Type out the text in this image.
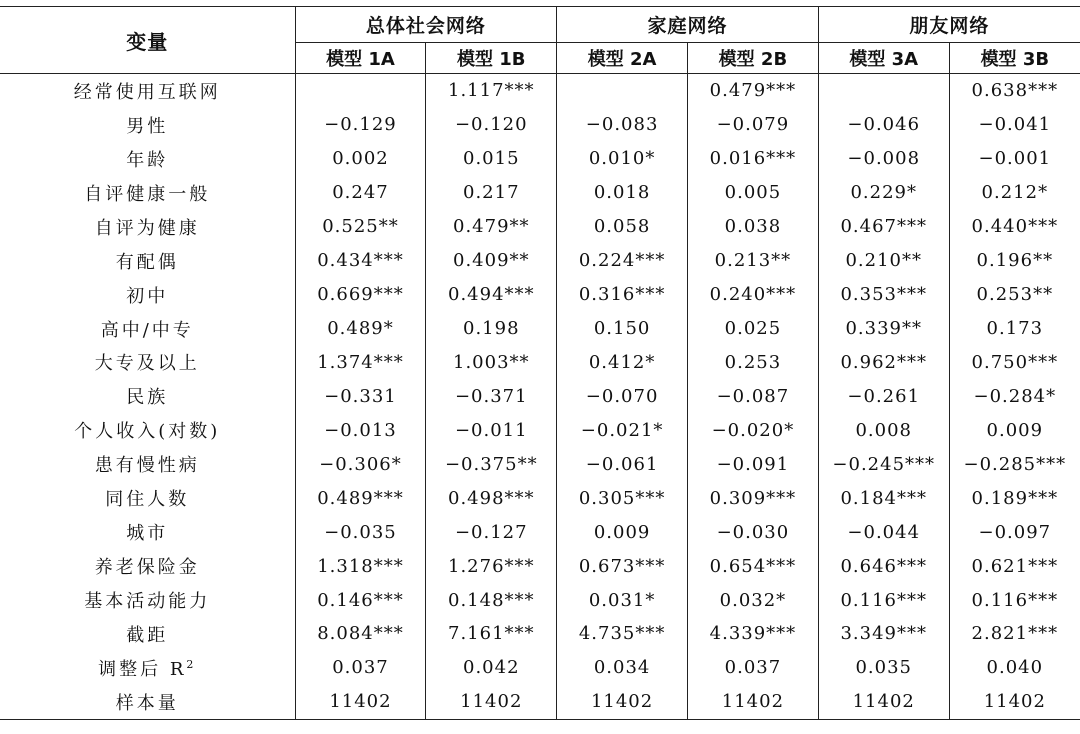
变量	总体社会网络		家庭网络		朋友网络	
	模型 1A	模型 1B	模型 2A	模型 2B	模型 3A	模型 3B
经常使用互联网		1.117***		0.479***		0.638***
男性	−0.129	−0.120	−0.083	−0.079	−0.046	−0.041
年龄	0.002	0.015	0.010*	0.016***	−0.008	−0.001
自评健康一般	0.247	0.217	0.018	0.005	0.229*	0.212*
自评为健康	0.525**	0.479**	0.058	0.038	0.467***	0.440***
有配偶	0.434***	0.409**	0.224***	0.213**	0.210**	0.196**
初中	0.669***	0.494***	0.316***	0.240***	0.353***	0.253**
高中/中专	0.489*	0.198	0.150	0.025	0.339**	0.173
大专及以上	1.374***	1.003**	0.412*	0.253	0.962***	0.750***
民族	−0.331	−0.371	−0.070	−0.087	−0.261	−0.284*
个人收入(对数)	−0.013	−0.011	−0.021*	−0.020*	0.008	0.009
患有慢性病	−0.306*	−0.375**	−0.061	−0.091	−0.245***	−0.285***
同住人数	0.489***	0.498***	0.305***	0.309***	0.184***	0.189***
城市	−0.035	−0.127	0.009	−0.030	−0.044	−0.097
养老保险金	1.318***	1.276***	0.673***	0.654***	0.646***	0.621***
基本活动能力	0.146***	0.148***	0.031*	0.032*	0.116***	0.116***
截距	8.084***	7.161***	4.735***	4.339***	3.349***	2.821***
调整后 $R^2$	0.037	0.042	0.034	0.037	0.035	0.040
样本量	11402	11402	11402	11402	11402	11402
